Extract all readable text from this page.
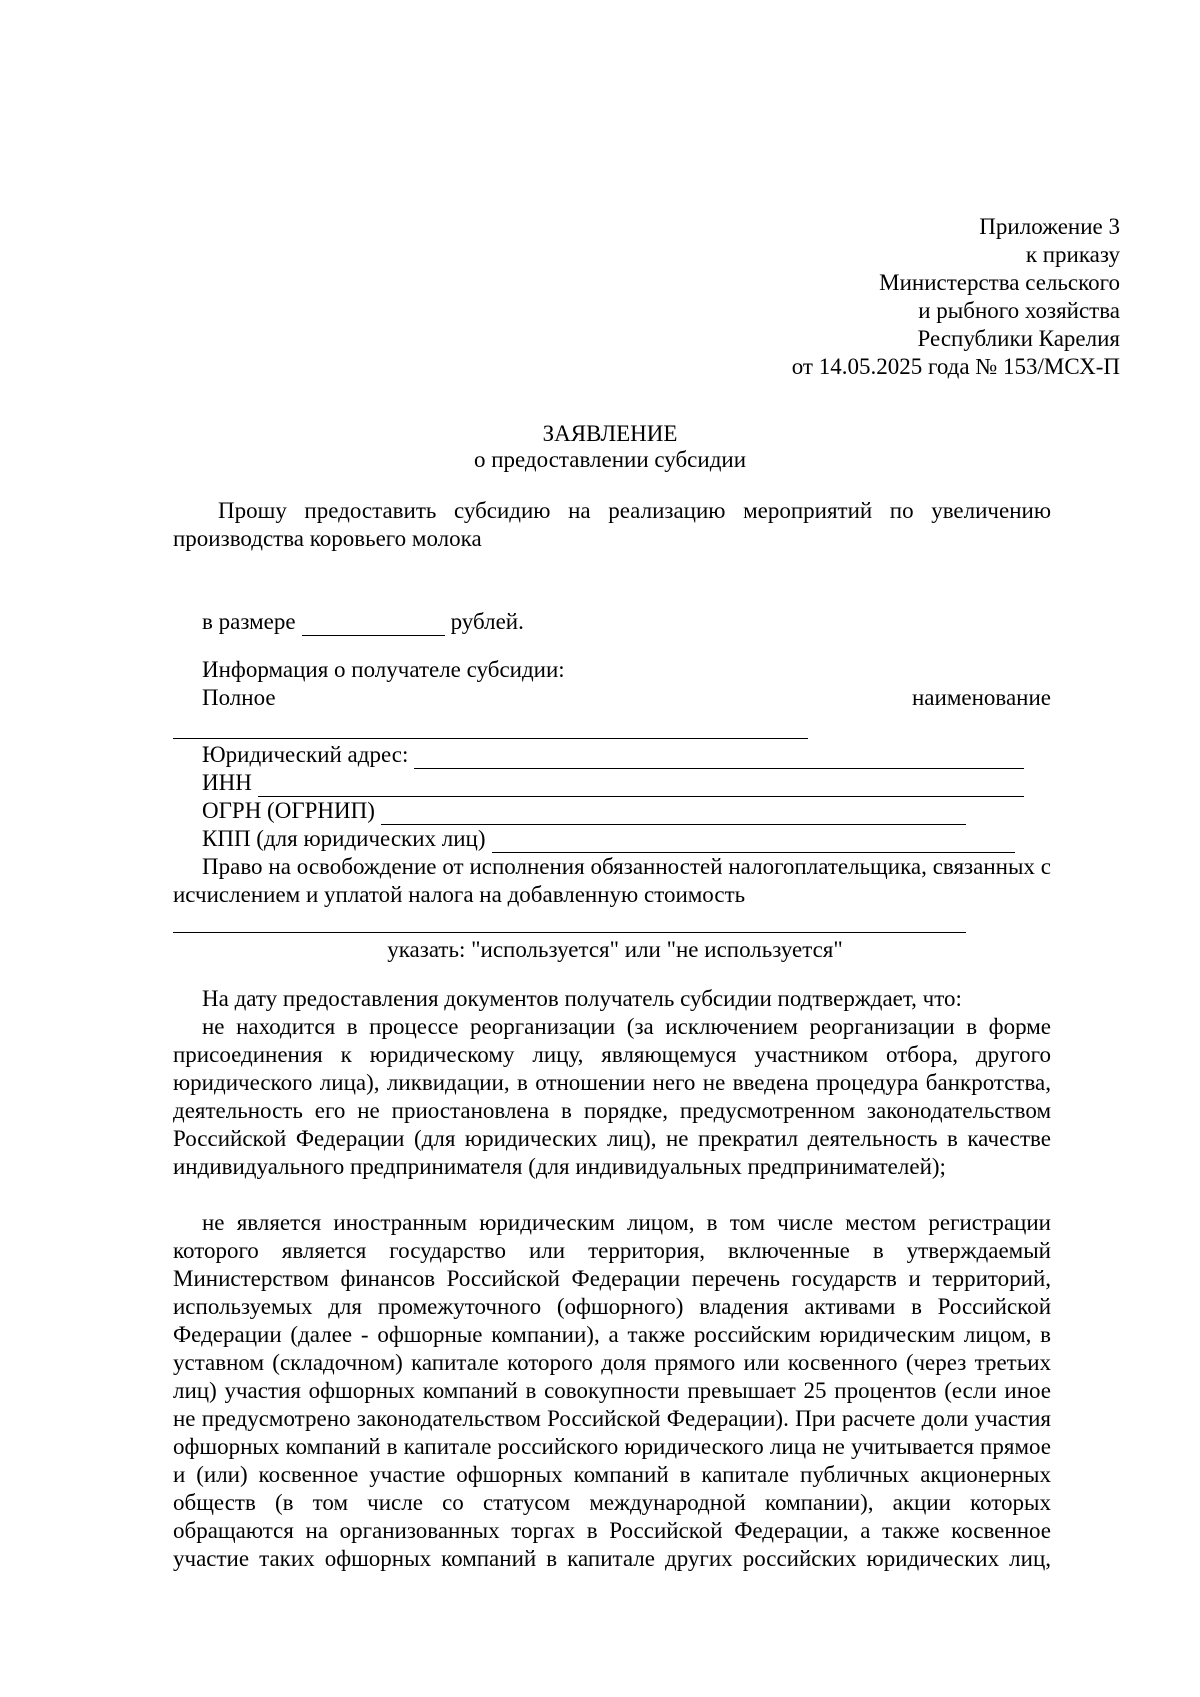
Приложение 3
к приказу
Министерства сельского
и рыбного хозяйства
Республики Карелия
от 14.05.2025 года № 153/МСХ-П
ЗАЯВЛЕНИЕ
о предоставлении субсидии
Прошу предоставить субсидию на реализацию мероприятий по увеличению производства коровьего молока
в размере	рублей.
Информация о получателе субсидии:
Полное	наименование
Юридический адрес:
ИНН
ОГРН (ОГРНИП)
КПП (для юридических лиц)
Право на освобождение от исполнения обязанностей налогоплательщика, связанных с исчислением и уплатой налога на добавленную стоимость
указать: "используется" или "не используется"
На дату предоставления документов получатель субсидии подтверждает, что:
не находится в процессе реорганизации (за исключением реорганизации в форме присоединения к юридическому лицу, являющемуся участником отбора, другого юридического лица), ликвидации, в отношении него не введена процедура банкротства, деятельность его не приостановлена в порядке, предусмотренном законодательством Российской Федерации (для юридических лиц), не прекратил деятельность в качестве индивидуального предпринимателя (для индивидуальных предпринимателей);
не является иностранным юридическим лицом, в том числе местом регистрации которого является государство или территория, включенные в утверждаемый Министерством финансов Российской Федерации перечень государств и территорий, используемых для промежуточного (офшорного) владения активами в Российской Федерации (далее - офшорные компании), а также российским юридическим лицом, в уставном (складочном) капитале которого доля прямого или косвенного (через третьих лиц) участия офшорных компаний в совокупности превышает 25 процентов (если иное не предусмотрено законодательством Российской Федерации). При расчете доли участия офшорных компаний в капитале российского юридического лица не учитывается прямое и (или) косвенное участие офшорных компаний в капитале публичных акционерных обществ (в том числе со статусом международной компании), акции которых обращаются на организованных торгах в Российской Федерации, а также косвенное участие таких офшорных компаний в капитале других российских юридических лиц,
